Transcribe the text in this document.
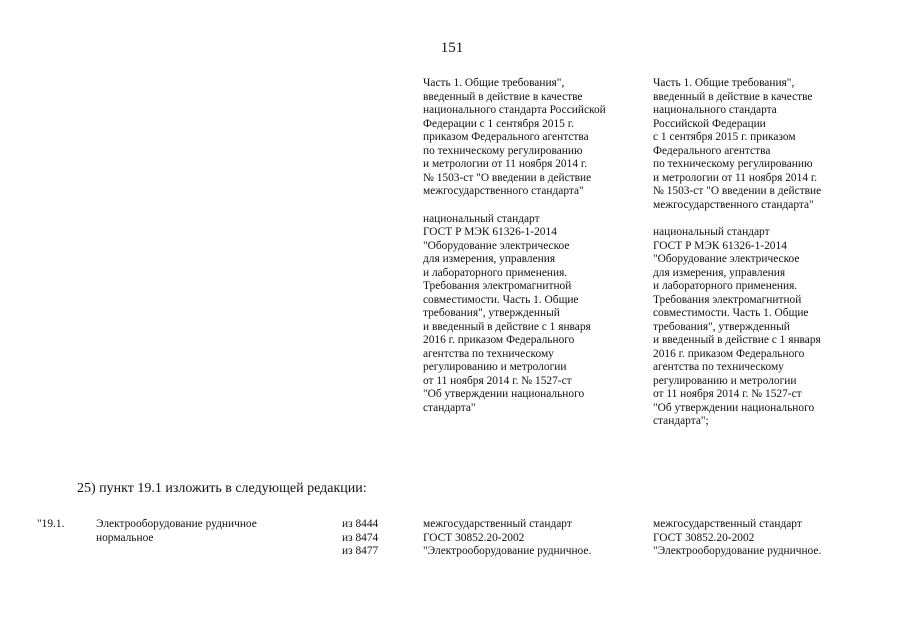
151
Часть 1. Общие требования",
введенный в действие в качестве
национального стандарта Российской
Федерации с 1 сентября 2015 г.
приказом Федерального агентства
по техническому регулированию
и метрологии от 11 ноября 2014 г.
№ 1503-ст "О введении в действие
межгосударственного стандарта"
национальный стандарт
ГОСТ Р МЭК 61326-1-2014
"Оборудование электрическое
для измерения, управления
и лабораторного применения.
Требования электромагнитной
совместимости. Часть 1. Общие
требования", утвержденный
и введенный в действие с 1 января
2016 г. приказом Федерального
агентства по техническому
регулированию и метрологии
от 11 ноября 2014 г. № 1527-ст
"Об утверждении национального
стандарта"
Часть 1. Общие требования",
введенный в действие в качестве
национального стандарта
Российской Федерации
с 1 сентября 2015 г. приказом
Федерального агентства
по техническому регулированию
и метрологии от 11 ноября 2014 г.
№ 1503-ст "О введении в действие
межгосударственного стандарта"
национальный стандарт
ГОСТ Р МЭК 61326-1-2014
"Оборудование электрическое
для измерения, управления
и лабораторного применения.
Требования электромагнитной
совместимости. Часть 1. Общие
требования", утвержденный
и введенный в действие с 1 января
2016 г. приказом Федерального
агентства по техническому
регулированию и метрологии
от 11 ноября 2014 г. № 1527-ст
"Об утверждении национального
стандарта";
25) пункт 19.1 изложить в следующей редакции:
"19.1.	Электрооборудование рудничное
нормальное
из 8444
из 8474
из 8477
межгосударственный стандарт
ГОСТ 30852.20-2002
"Электрооборудование рудничное.
межгосударственный стандарт
ГОСТ 30852.20-2002
"Электрооборудование рудничное.
